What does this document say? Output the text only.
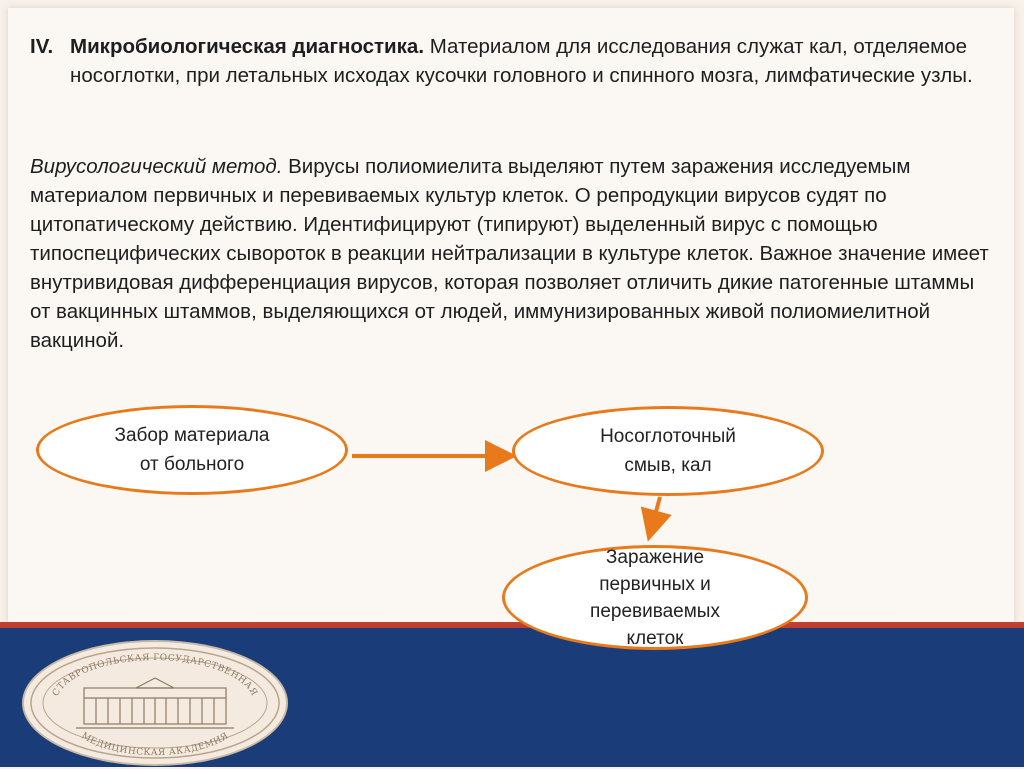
IV. Микробиологическая диагностика. Материалом для исследования служат кал, отделяемое носоглотки, при летальных исходах кусочки головного и спинного мозга, лимфатические узлы.
Вирусологический метод. Вирусы полиомиелита выделяют путем заражения исследуемым материалом первичных и перевиваемых культур клеток. О репродукции вирусов судят по цитопатическому действию. Идентифицируют (типируют) выделенный вирус с помощью типоспецифических сывороток в реакции нейтрализации в культуре клеток. Важное значение имеет внутривидовая дифференциация вирусов, которая позволяет отличить дикие патогенные штаммы от вакцинных штаммов, выделяющихся от людей, иммунизированных живой полиомиелитной вакциной.
Забор материала
от больного
Носоглоточный
смыв, кал
Заражение
первичных и
перевиваемых
клеток
СТАВРОПОЛЬСКАЯ ГОСУДАРСТВЕННАЯ
МЕДИЦИНСКАЯ АКАДЕМИЯ
